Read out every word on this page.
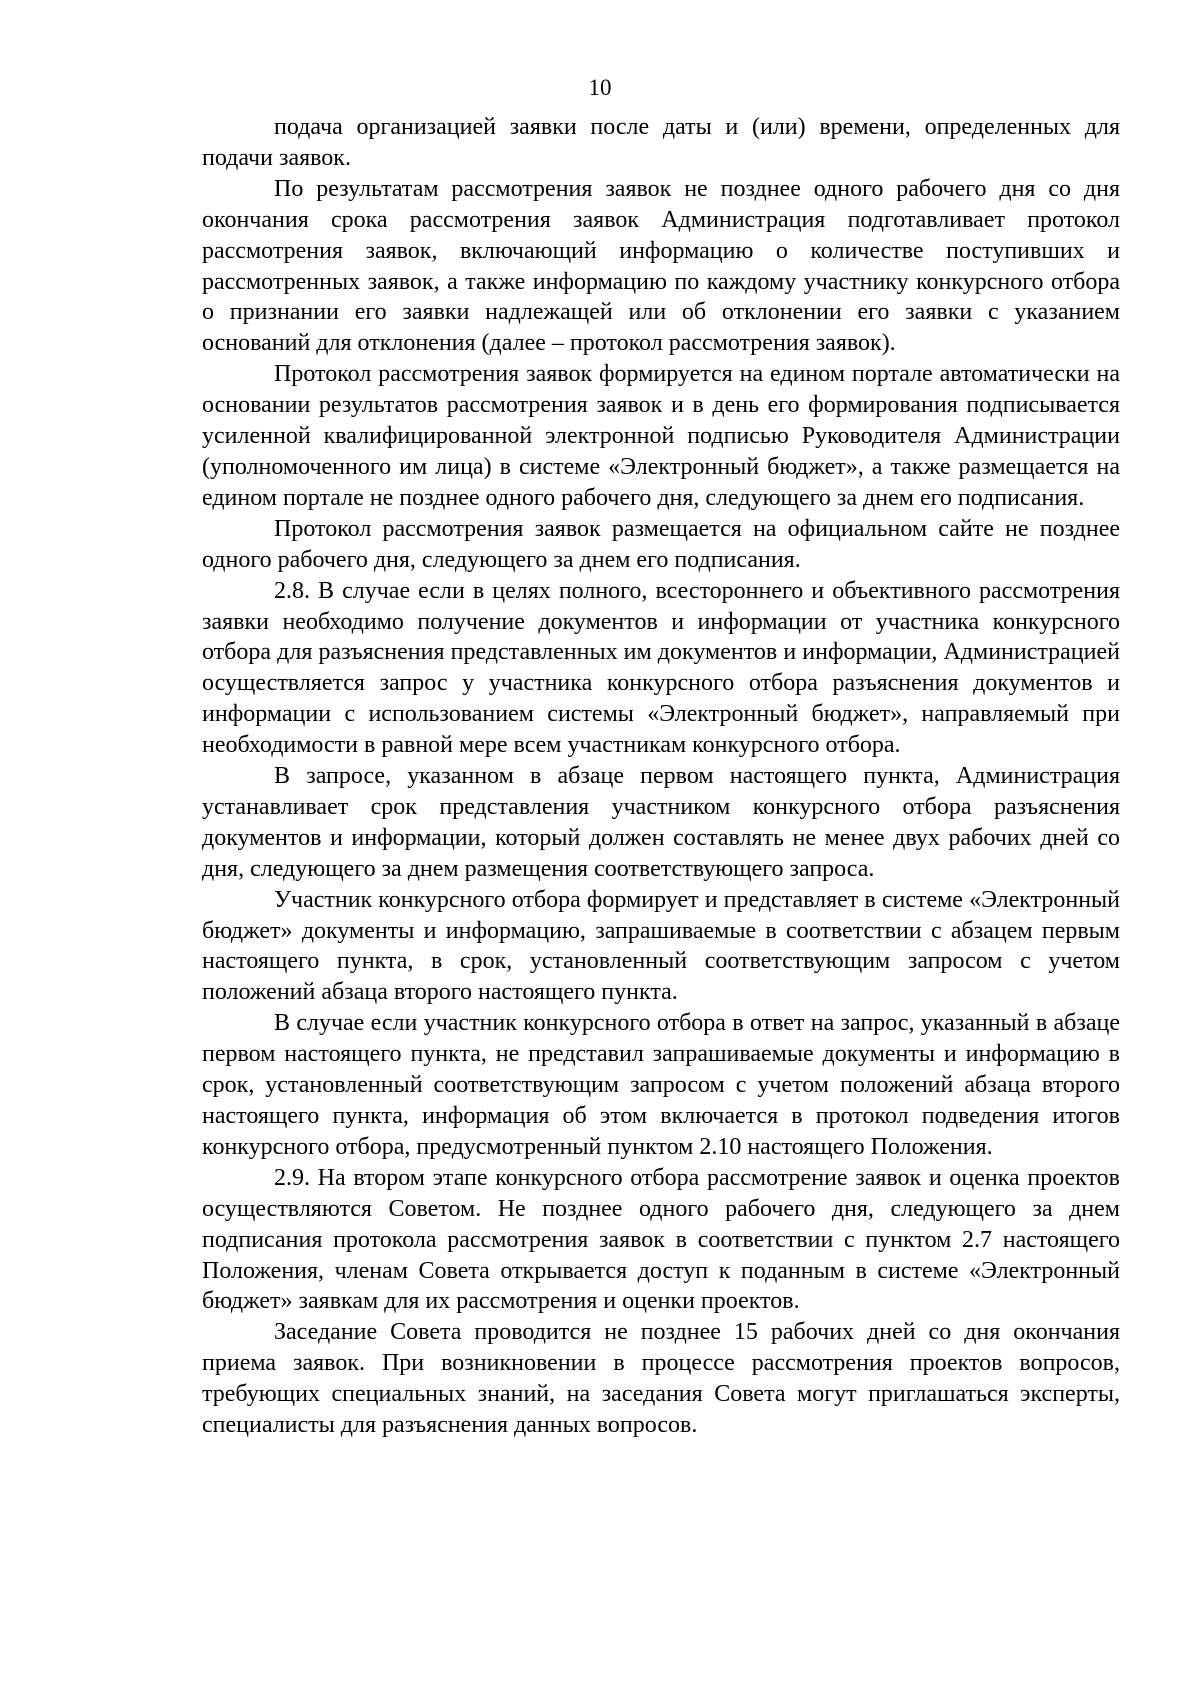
10

подача организацией заявки после даты и (или) времени, определенных для подачи заявок.

По результатам рассмотрения заявок не позднее одного рабочего дня со дня окончания срока рассмотрения заявок Администрация подготавливает протокол рассмотрения заявок, включающий информацию о количестве поступивших и рассмотренных заявок, а также информацию по каждому участнику конкурсного отбора о признании его заявки надлежащей или об отклонении его заявки с указанием оснований для отклонения (далее – протокол рассмотрения заявок).

Протокол рассмотрения заявок формируется на едином портале автоматически на основании результатов рассмотрения заявок и в день его формирования подписывается усиленной квалифицированной электронной подписью Руководителя Администрации (уполномоченного им лица) в системе «Электронный бюджет», а также размещается на едином портале не позднее одного рабочего дня, следующего за днем его подписания.

Протокол рассмотрения заявок размещается на официальном сайте не позднее одного рабочего дня, следующего за днем его подписания.

2.8. В случае если в целях полного, всестороннего и объективного рассмотрения заявки необходимо получение документов и информации от участника конкурсного отбора для разъяснения представленных им документов и информации, Администрацией осуществляется запрос у участника конкурсного отбора разъяснения документов и информации с использованием системы «Электронный бюджет», направляемый при необходимости в равной мере всем участникам конкурсного отбора.

В запросе, указанном в абзаце первом настоящего пункта, Администрация устанавливает срок представления участником конкурсного отбора разъяснения документов и информации, который должен составлять не менее двух рабочих дней со дня, следующего за днем размещения соответствующего запроса.

Участник конкурсного отбора формирует и представляет в системе «Электронный бюджет» документы и информацию, запрашиваемые в соответствии с абзацем первым настоящего пункта, в срок, установленный соответствующим запросом с учетом положений абзаца второго настоящего пункта.

В случае если участник конкурсного отбора в ответ на запрос, указанный в абзаце первом настоящего пункта, не представил запрашиваемые документы и информацию в срок, установленный соответствующим запросом с учетом положений абзаца второго настоящего пункта, информация об этом включается в протокол подведения итогов конкурсного отбора, предусмотренный пунктом 2.10 настоящего Положения.

2.9. На втором этапе конкурсного отбора рассмотрение заявок и оценка проектов осуществляются Советом. Не позднее одного рабочего дня, следующего за днем подписания протокола рассмотрения заявок в соответствии с пунктом 2.7 настоящего Положения, членам Совета открывается доступ к поданным в системе «Электронный бюджет» заявкам для их рассмотрения и оценки проектов.

Заседание Совета проводится не позднее 15 рабочих дней со дня окончания приема заявок. При возникновении в процессе рассмотрения проектов вопросов, требующих специальных знаний, на заседания Совета могут приглашаться эксперты, специалисты для разъяснения данных вопросов.
